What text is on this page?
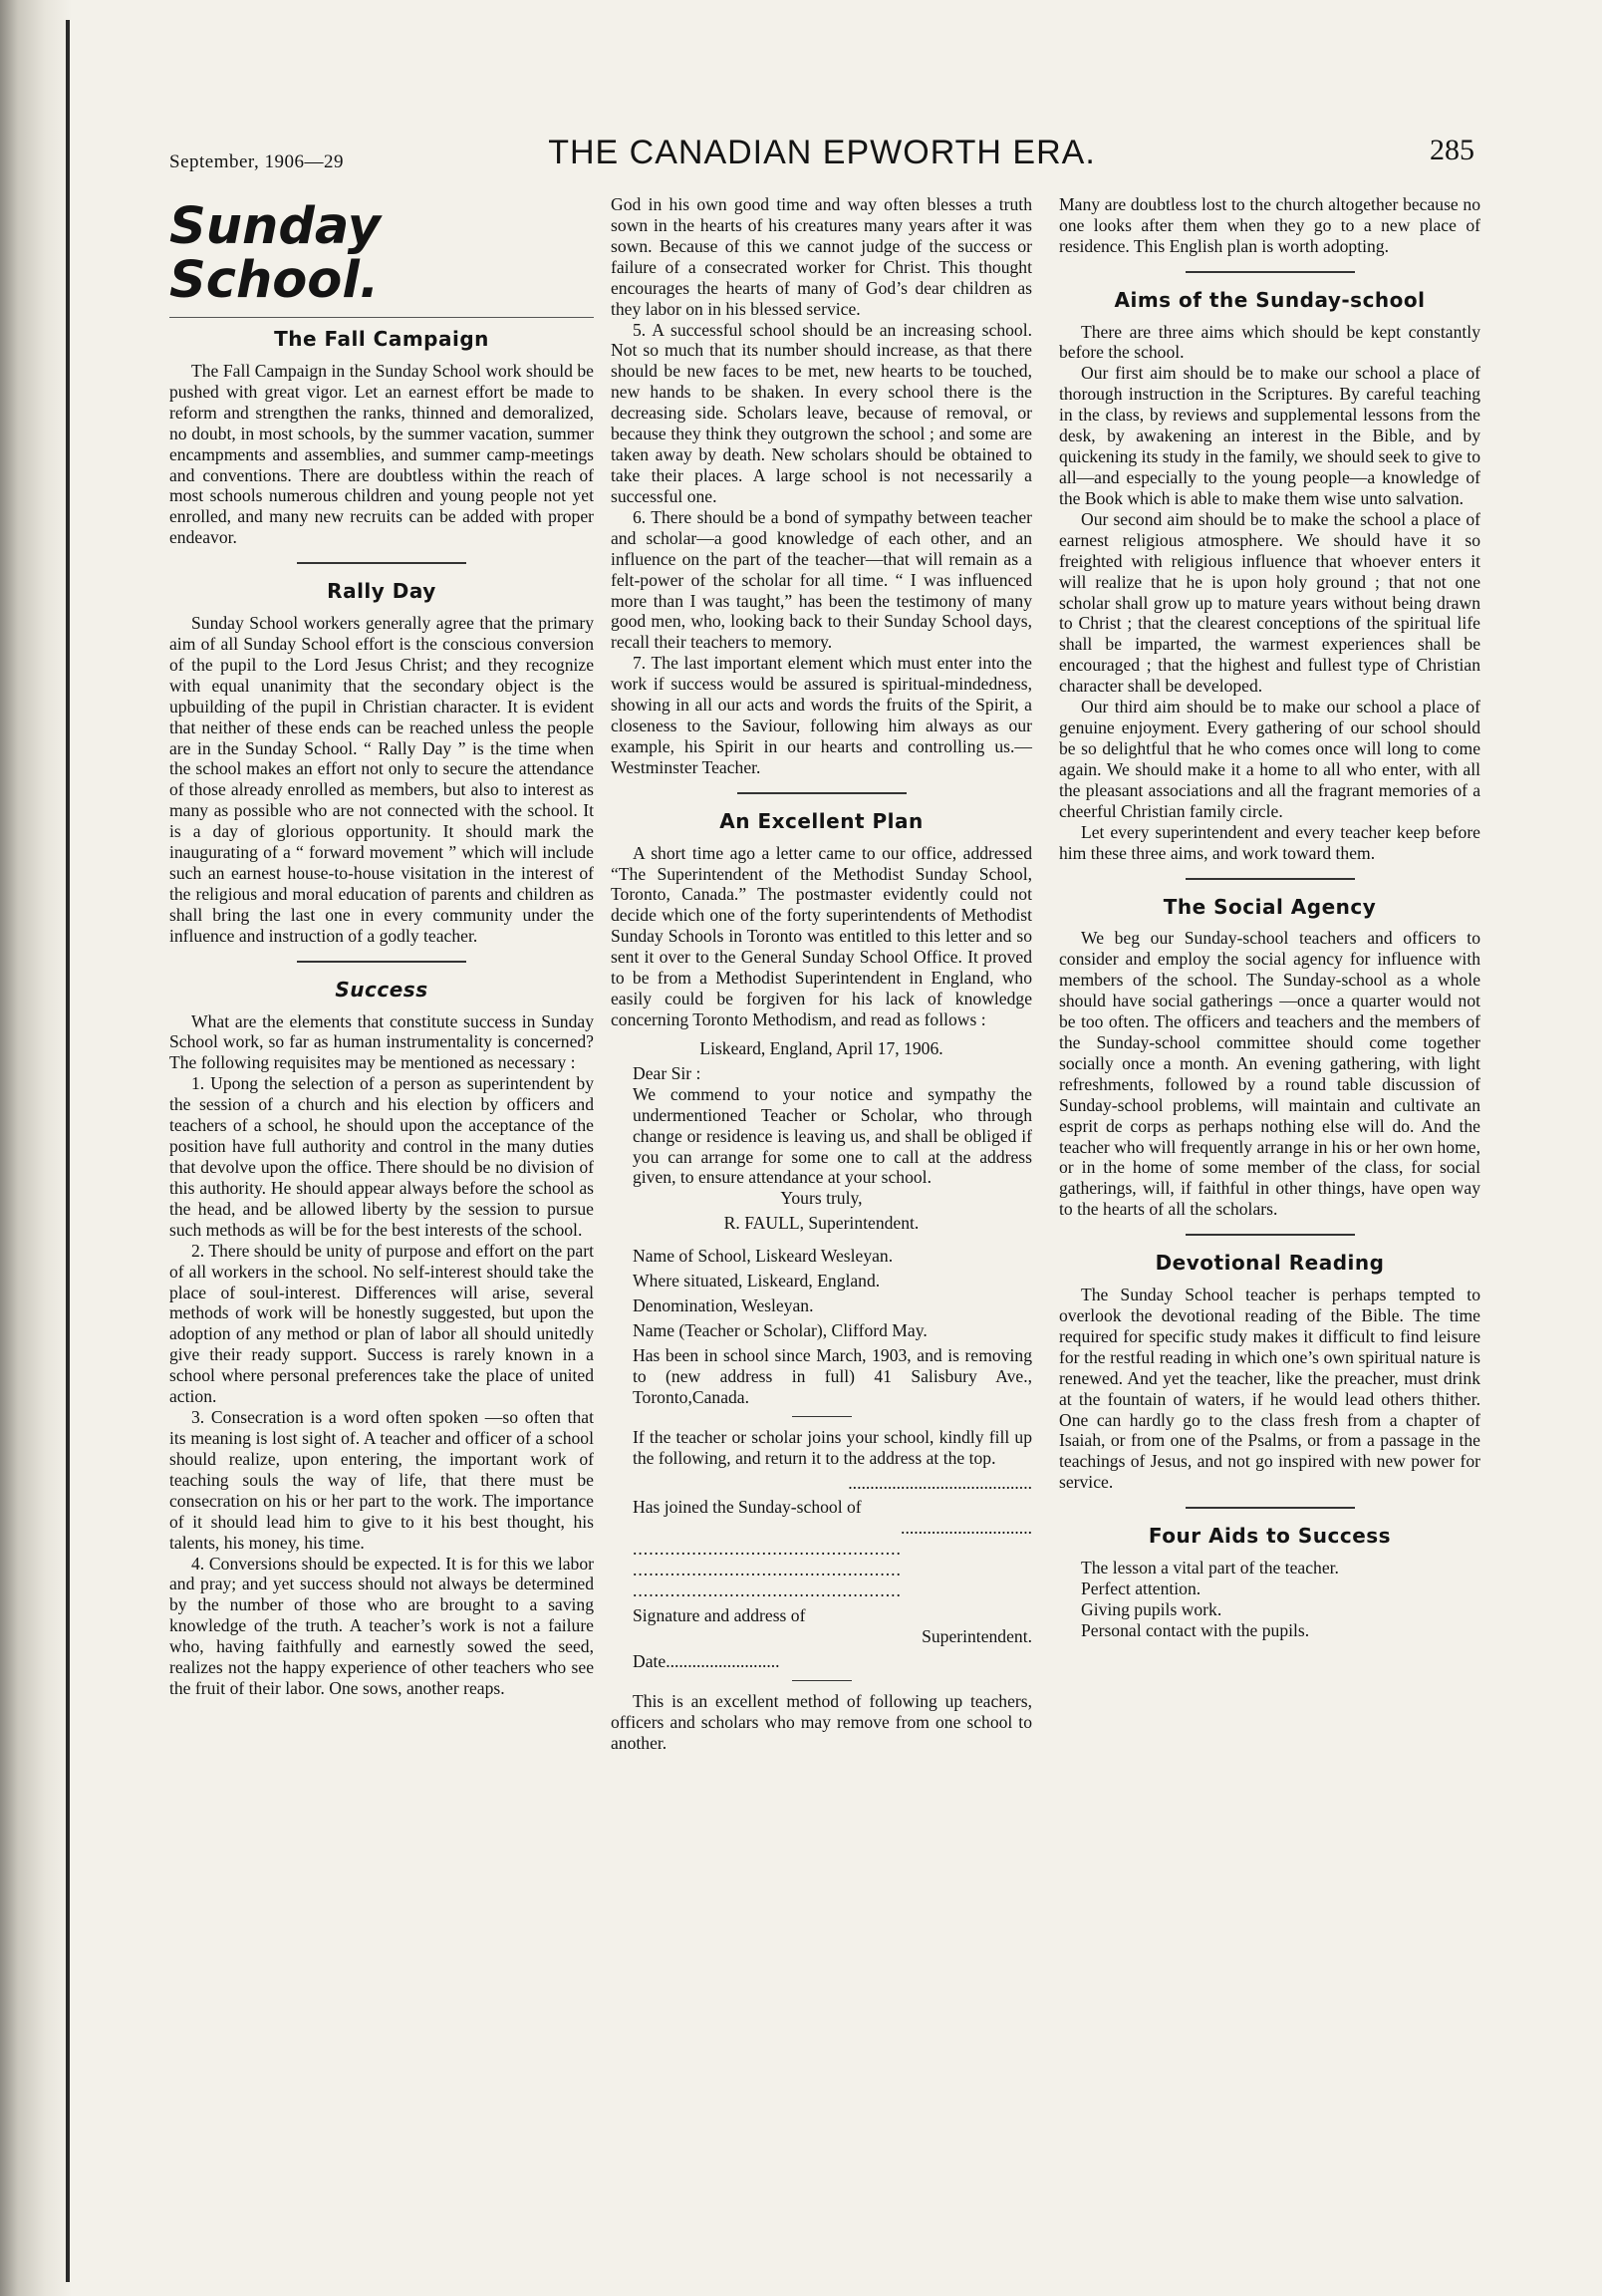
September, 1906—29	THE CANADIAN EPWORTH ERA.	285
Sunday School.
The Fall Campaign

The Fall Campaign in the Sunday School work should be pushed with great vigor. Let an earnest effort be made to reform and strengthen the ranks, thinned and demoralized, no doubt, in most schools, by the summer vacation, summer encampments and assemblies, and summer camp-meetings and conventions. There are doubtless within the reach of most schools numerous children and young people not yet enrolled, and many new recruits can be added with proper endeavor.

Rally Day

Sunday School workers generally agree that the primary aim of all Sunday School effort is the conscious conversion of the pupil to the Lord Jesus Christ; and they recognize with equal unanimity that the secondary object is the upbuilding of the pupil in Christian character. It is evident that neither of these ends can be reached unless the people are in the Sunday School. “ Rally Day ” is the time when the school makes an effort not only to secure the attendance of those already enrolled as members, but also to interest as many as possible who are not connected with the school. It is a day of glorious opportunity. It should mark the inaugurating of a “ forward movement ” which will include such an earnest house-to-house visitation in the interest of the religious and moral education of parents and children as shall bring the last one in every community under the influence and instruction of a godly teacher.

Success

What are the elements that constitute success in Sunday School work, so far as human instrumentality is concerned? The following requisites may be mentioned as necessary :

1. Upong the selection of a person as superintendent by the session of a church and his election by officers and teachers of a school, he should upon the acceptance of the position have full authority and control in the many duties that devolve upon the office. There should be no division of this authority. He should appear always before the school as the head, and be allowed liberty by the session to pursue such methods as will be for the best interests of the school.

2. There should be unity of purpose and effort on the part of all workers in the school. No self-interest should take the place of soul-interest. Differences will arise, several methods of work will be honestly suggested, but upon the adoption of any method or plan of labor all should unitedly give their ready support. Success is rarely known in a school where personal preferences take the place of united action.

3. Consecration is a word often spoken —so often that its meaning is lost sight of. A teacher and officer of a school should realize, upon entering, the important work of teaching souls the way of life, that there must be consecration on his or her part to the work. The importance of it should lead him to give to it his best thought, his talents, his money, his time.

4. Conversions should be expected. It is for this we labor and pray; and yet success should not always be determined by the number of those who are brought to a saving knowledge of the truth. A teacher’s work is not a failure who, having faithfully and earnestly sowed the seed, realizes not the happy experience of other teachers who see the fruit of their labor. One sows, another reaps.

God in his own good time and way often blesses a truth sown in the hearts of his creatures many years after it was sown. Because of this we cannot judge of the success or failure of a consecrated worker for Christ. This thought encourages the hearts of many of God’s dear children as they labor on in his blessed service.

5. A successful school should be an increasing school. Not so much that its number should increase, as that there should be new faces to be met, new hearts to be touched, new hands to be shaken. In every school there is the decreasing side. Scholars leave, because of removal, or because they think they outgrown the school ; and some are taken away by death. New scholars should be obtained to take their places. A large school is not necessarily a successful one.

6. There should be a bond of sympathy between teacher and scholar—a good knowledge of each other, and an influence on the part of the teacher—that will remain as a felt-power of the scholar for all time. “ I was influenced more than I was taught,” has been the testimony of many good men, who, looking back to their Sunday School days, recall their teachers to memory.

7. The last important element which must enter into the work if success would be assured is spiritual-mindedness, showing in all our acts and words the fruits of the Spirit, a closeness to the Saviour, following him always as our example, his Spirit in our hearts and controlling us.— Westminster Teacher.

An Excellent Plan

A short time ago a letter came to our office, addressed “The Superintendent of the Methodist Sunday School, Toronto, Canada.” The postmaster evidently could not decide which one of the forty superintendents of Methodist Sunday Schools in Toronto was entitled to this letter and so sent it over to the General Sunday School Office. It proved to be from a Methodist Superintendent in England, who easily could be forgiven for his lack of knowledge concerning Toronto Methodism, and read as follows :

Liskeard, England, April 17, 1906.

Dear Sir :

We commend to your notice and sympathy the undermentioned Teacher or Scholar, who through change or residence is leaving us, and shall be obliged if you can arrange for some one to call at the address given, to ensure attendance at your school.

Yours truly,

R. FAULL, Superintendent.

Name of School, Liskeard Wesleyan.

Where situated, Liskeard, England.

Denomination, Wesleyan.

Name (Teacher or Scholar), Clifford May.

Has been in school since March, 1903, and is removing to (new address in full) 41 Salisbury Ave., Toronto,Canada.

If the teacher or scholar joins your school, kindly fill up the following, and return it to the address at the top.

..........................................

Has joined the Sunday-school of

..............................

..................................................

..................................................

..................................................

Signature and address of

Superintendent.

Date..........................

This is an excellent method of following up teachers, officers and scholars who may remove from one school to another.

Many are doubtless lost to the church altogether because no one looks after them when they go to a new place of residence. This English plan is worth adopting.

Aims of the Sunday-school

There are three aims which should be kept constantly before the school.

Our first aim should be to make our school a place of thorough instruction in the Scriptures. By careful teaching in the class, by reviews and supplemental lessons from the desk, by awakening an interest in the Bible, and by quickening its study in the family, we should seek to give to all—and especially to the young people—a knowledge of the Book which is able to make them wise unto salvation.

Our second aim should be to make the school a place of earnest religious atmosphere. We should have it so freighted with religious influence that whoever enters it will realize that he is upon holy ground ; that not one scholar shall grow up to mature years without being drawn to Christ ; that the clearest conceptions of the spiritual life shall be imparted, the warmest experiences shall be encouraged ; that the highest and fullest type of Christian character shall be developed.

Our third aim should be to make our school a place of genuine enjoyment. Every gathering of our school should be so delightful that he who comes once will long to come again. We should make it a home to all who enter, with all the pleasant associations and all the fragrant memories of a cheerful Christian family circle.

Let every superintendent and every teacher keep before him these three aims, and work toward them.

The Social Agency

We beg our Sunday-school teachers and officers to consider and employ the social agency for influence with members of the school. The Sunday-school as a whole should have social gatherings —once a quarter would not be too often. The officers and teachers and the members of the Sunday-school committee should come together socially once a month. An evening gathering, with light refreshments, followed by a round table discussion of Sunday-school problems, will maintain and cultivate an esprit de corps as perhaps nothing else will do. And the teacher who will frequently arrange in his or her own home, or in the home of some member of the class, for social gatherings, will, if faithful in other things, have open way to the hearts of all the scholars.

Devotional Reading

The Sunday School teacher is perhaps tempted to overlook the devotional reading of the Bible. The time required for specific study makes it difficult to find leisure for the restful reading in which one’s own spiritual nature is renewed. And yet the teacher, like the preacher, must drink at the fountain of waters, if he would lead others thither. One can hardly go to the class fresh from a chapter of Isaiah, or from one of the Psalms, or from a passage in the teachings of Jesus, and not go inspired with new power for service.

Four Aids to Success

The lesson a vital part of the teacher.

Perfect attention.

Giving pupils work.

Personal contact with the pupils.
